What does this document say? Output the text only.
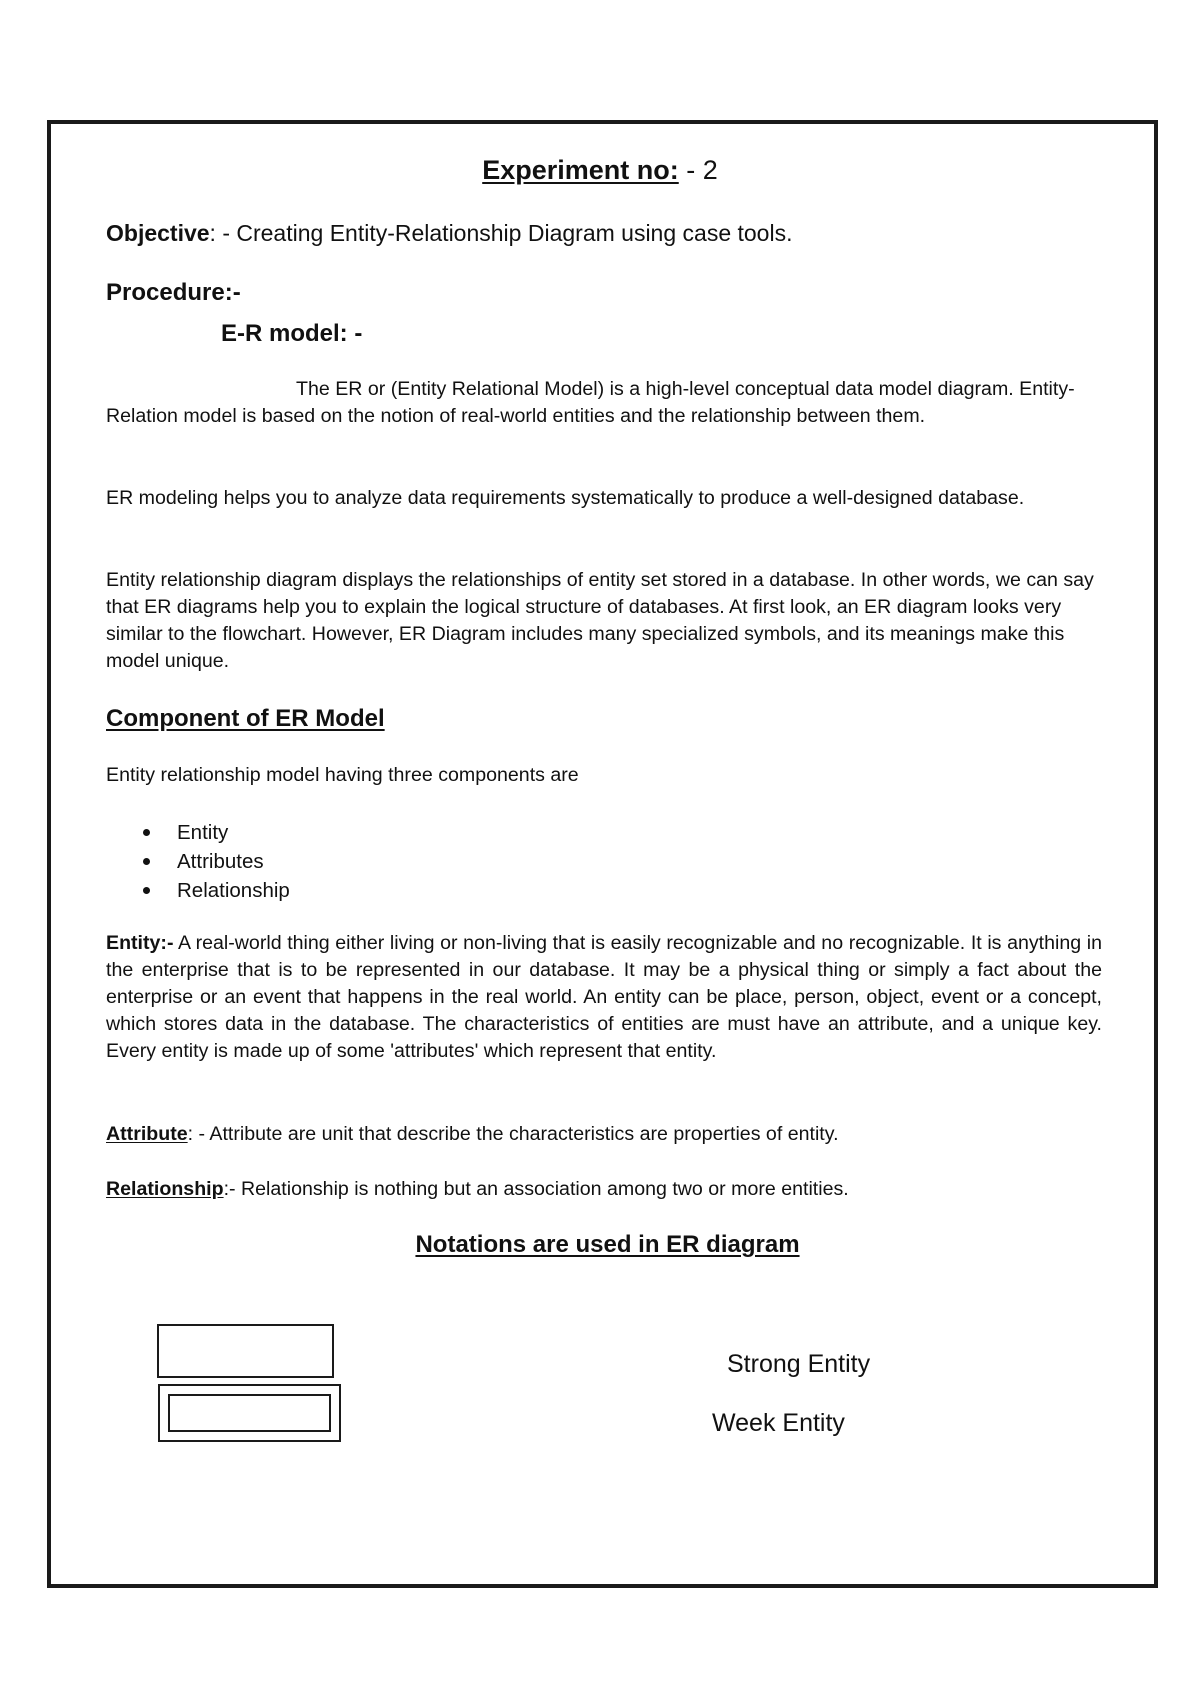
Experiment no: - 2
Objective: - Creating Entity-Relationship Diagram using case tools.
Procedure:-
E-R model: -

The ER or (Entity Relational Model) is a high-level conceptual data model diagram. Entity-Relation model is based on the notion of real-world entities and the relationship between them.

ER modeling helps you to analyze data requirements systematically to produce a well-designed database.

Entity relationship diagram displays the relationships of entity set stored in a database. In other words, we can say that ER diagrams help you to explain the logical structure of databases. At first look, an ER diagram looks very similar to the flowchart. However, ER Diagram includes many specialized symbols, and its meanings make this model unique.

Component of ER Model
Entity relationship model having three components are
Entity
Attributes
Relationship

Entity:- A real-world thing either living or non-living that is easily recognizable and no recognizable. It is anything in the enterprise that is to be represented in our database. It may be a physical thing or simply a fact about the enterprise or an event that happens in the real world. An entity can be place, person, object, event or a concept, which stores data in the database. The characteristics of entities are must have an attribute, and a unique key. Every entity is made up of some 'attributes' which represent that entity.

Attribute: - Attribute are unit that describe the characteristics are properties of entity.

Relationship:- Relationship is nothing but an association among two or more entities.

Notations are used in ER diagram
Strong Entity
Week Entity
